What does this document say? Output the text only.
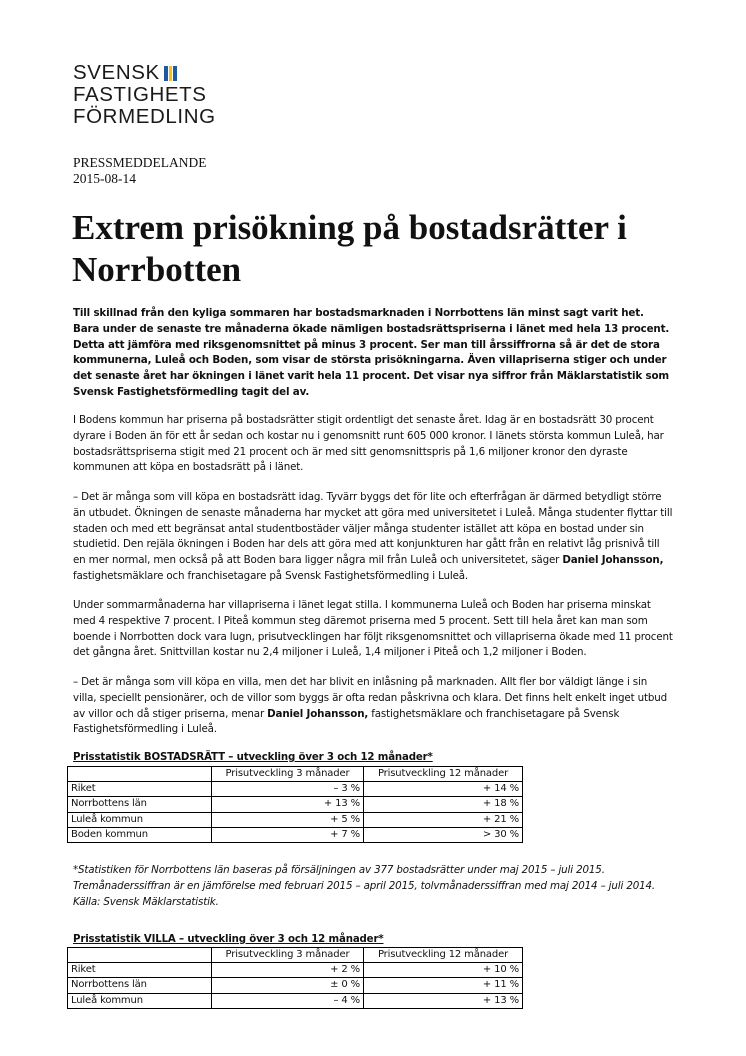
SVENSK
FASTIGHETS
FÖRMEDLING
PRESSMEDDELANDE
2015-08-14
Extrem prisökning på bostadsrätter i Norrbotten

Till skillnad från den kyliga sommaren har bostadsmarknaden i Norrbottens län minst sagt varit het. Bara under de senaste tre månaderna ökade nämligen bostadsrättspriserna i länet med hela 13 procent. Detta att jämföra med riksgenomsnittet på minus 3 procent. Ser man till årssiffrorna så är det de stora kommunerna, Luleå och Boden, som visar de största prisökningarna. Även villapriserna stiger och under det senaste året har ökningen i länet varit hela 11 procent. Det visar nya siffror från Mäklarstatistik som Svensk Fastighetsförmedling tagit del av.

I Bodens kommun har priserna på bostadsrätter stigit ordentligt det senaste året. Idag är en bostadsrätt 30 procent dyrare i Boden än för ett år sedan och kostar nu i genomsnitt runt 605 000 kronor. I länets största kommun Luleå, har bostadsrättspriserna stigit med 21 procent och är med sitt genomsnittspris på 1,6 miljoner kronor den dyraste kommunen att köpa en bostadsrätt på i länet.

– Det är många som vill köpa en bostadsrätt idag. Tyvärr byggs det för lite och efterfrågan är därmed betydligt större än utbudet. Ökningen de senaste månaderna har mycket att göra med universitetet i Luleå. Många studenter flyttar till staden och med ett begränsat antal studentbostäder väljer många studenter istället att köpa en bostad under sin studietid. Den rejäla ökningen i Boden har dels att göra med att konjunkturen har gått från en relativt låg prisnivå till en mer normal, men också på att Boden bara ligger några mil från Luleå och universitetet, säger Daniel Johansson, fastighetsmäklare och franchisetagare på Svensk Fastighetsförmedling i Luleå.

Under sommarmånaderna har villapriserna i länet legat stilla. I kommunerna Luleå och Boden har priserna minskat med 4 respektive 7 procent. I Piteå kommun steg däremot priserna med 5 procent. Sett till hela året kan man som boende i Norrbotten dock vara lugn, prisutvecklingen har följt riksgenomsnittet och villapriserna ökade med 11 procent det gångna året. Snittvillan kostar nu 2,4 miljoner i Luleå, 1,4 miljoner i Piteå och 1,2 miljoner i Boden.

– Det är många som vill köpa en villa, men det har blivit en inlåsning på marknaden. Allt fler bor väldigt länge i sin villa, speciellt pensionärer, och de villor som byggs är ofta redan påskrivna och klara. Det finns helt enkelt inget utbud av villor och då stiger priserna, menar Daniel Johansson, fastighetsmäklare och franchisetagare på Svensk Fastighetsförmedling i Luleå.

Prisstatistik BOSTADSRÄTT – utveckling över 3 och 12 månader*
	Prisutveckling 3 månader	Prisutveckling 12 månader
Riket	– 3 %	+ 14 %
Norrbottens län	+ 13 %	+ 18 %
Luleå kommun	+ 5 %	+ 21 %
Boden kommun	+ 7 %	> 30 %

*Statistiken för Norrbottens län baseras på försäljningen av 377 bostadsrätter under maj 2015 – juli 2015. Tremånaderssiffran är en jämförelse med februari 2015 – april 2015, tolvmånaderssiffran med maj 2014 – juli 2014. Källa: Svensk Mäklarstatistik.

Prisstatistik VILLA – utveckling över 3 och 12 månader*
	Prisutveckling 3 månader	Prisutveckling 12 månader
Riket	+ 2 %	+ 10 %
Norrbottens län	± 0 %	+ 11 %
Luleå kommun	– 4 %	+ 13 %
